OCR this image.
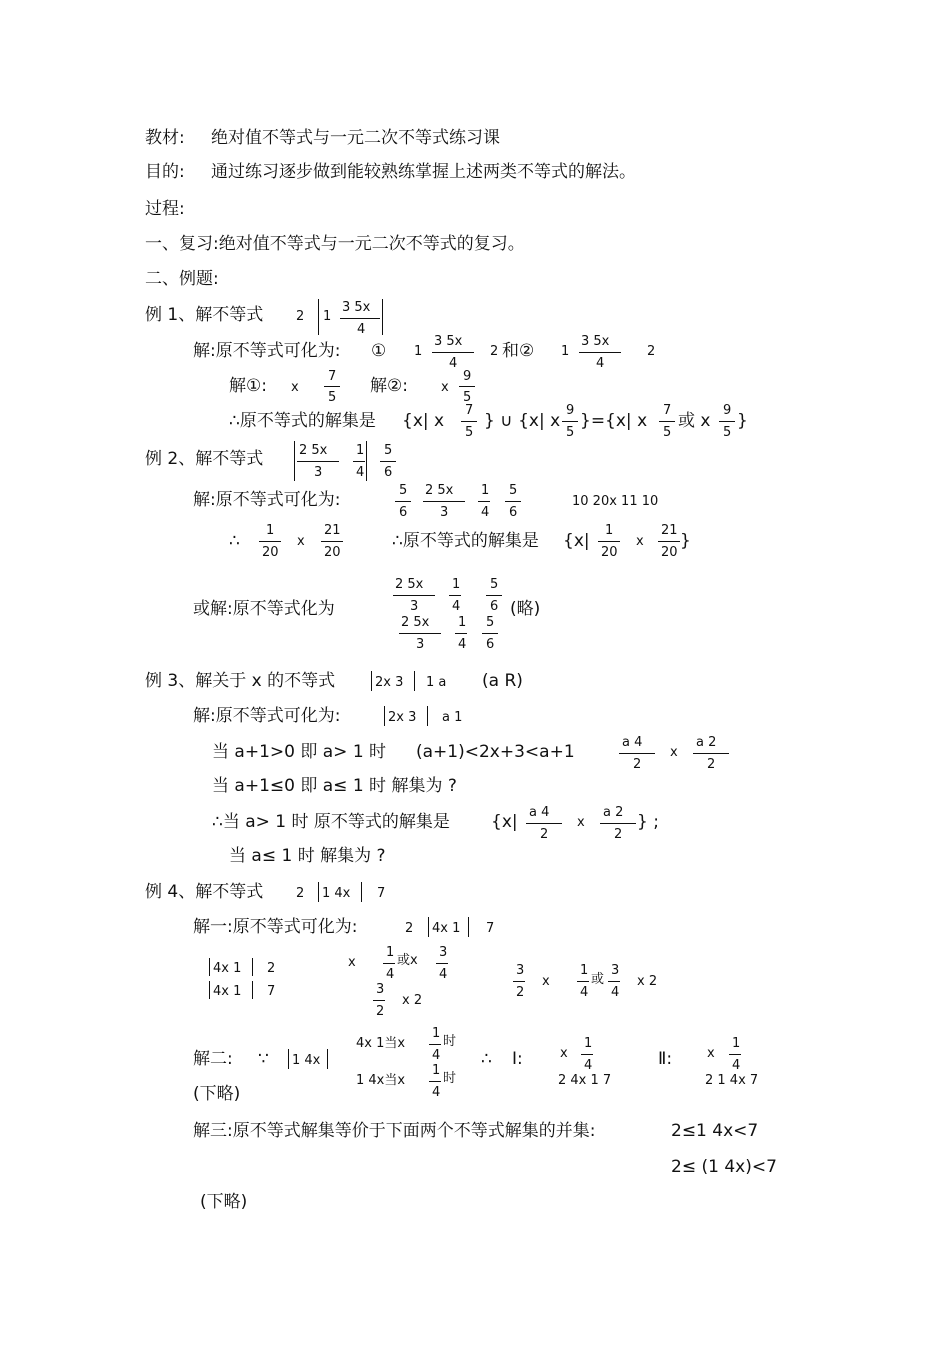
教材: 绝对值不等式与一元二次不等式练习课
目的: 通过练习逐步做到能较熟练掌握上述两类不等式的解法。
过程:
一、复习:绝对值不等式与一元二次不等式的复习。
二、例题:
例 1、解不等式	2 1
3 5x
4
解:原不等式可化为: ① 1
3 5x
4
2 和② 1
3 5x
4
2
解①: x
7
5
解②:	x
9
5
∴原不等式的解集是 {x| x
7
5
} ∪ {x| x
9
5
}={x| x
7
5
或 x
9
5
}
例 2、解不等式	2 5x
3
1
4
5
6
解:原不等式可化为:	5
6
2 5x
3
1
4
5
6
10 20x 11 10
∴
1
20
x
21
20
∴原不等式的解集是 {x|
1
20
x
21
20
}
或解:原不等式化为
2 5x
3
1
4
5
6 (略)
2 5x
3
1
4
5
6
例 3、解关于 x 的不等式	2x 3 1 a (a R)
解:原不等式可化为:	2x 3 a 1
当 a+1>0 即 a> 1 时 (a+1)<2x+3<a+1	a 4
2
x
a 2
2
当 a+1≤0 即 a≤ 1 时 解集为 ?
∴当 a> 1 时 原不等式的解集是 {x| a 4
2
x
a 2
2
} ;
当 a≤ 1 时 解集为 ?
例 4、解不等式	2 1 4x 7
解一:原不等式可化为:	2 4x 1 7
4x 1 2
4x 1 7
x
1
4
或x
3
4
3
2
x 2
3
2
x
1
4
或
3
4
x 2
解二: ∵ 1 4x
4x 1当x
1
4
时
1 4x当x
1
4
时
∴ Ⅰ:	x
1
4
2 4x 1 7
Ⅱ:	x
1
4
2 1 4x 7
(下略)
解三:原不等式解集等价于下面两个不等式解集的并集:	2≤1 4x<7
2≤ (1 4x)<7
(下略)
